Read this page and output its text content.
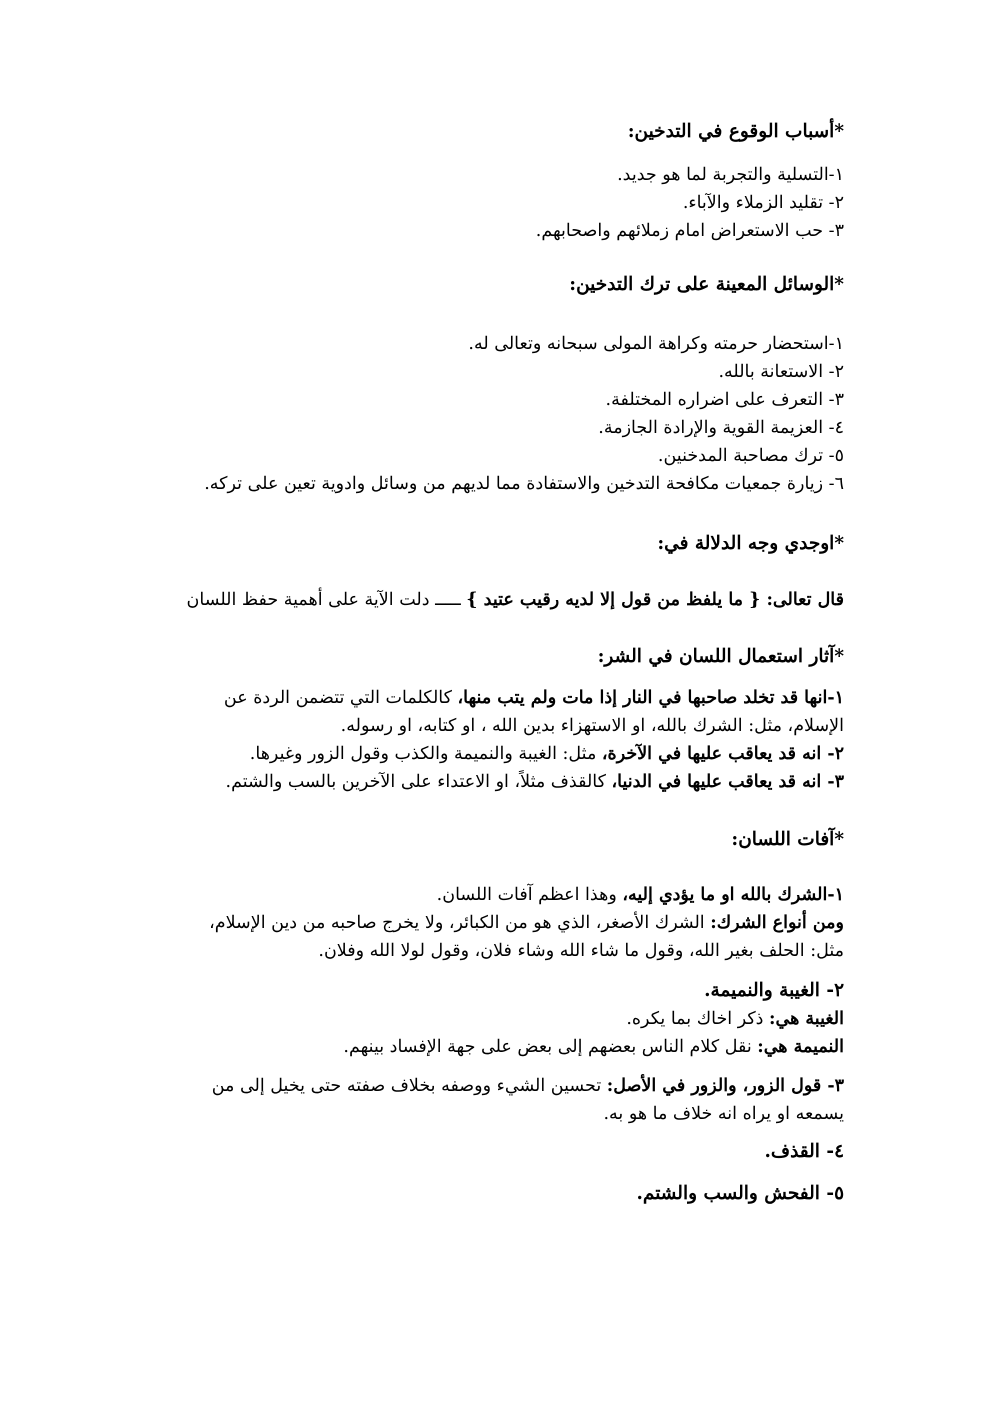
*أسباب الوقوع في التدخين:
١-التسلية والتجربة لما هو جديد.
٢- تقليد الزملاء والآباء.
٣- حب الاستعراض امام زملائهم واصحابهم.
*الوسائل المعينة على ترك التدخين:
١-استحضار حرمته وكراهة المولى سبحانه وتعالى له.
٢- الاستعانة بالله.
٣- التعرف على اضراره المختلفة.
٤- العزيمة القوية والإرادة الجازمة.
٥- ترك مصاحبة المدخنين.
٦- زيارة جمعيات مكافحة التدخين والاستفادة مما لديهم من وسائل وادوية تعين على تركه.
*اوجدي وجه الدلالة في:
قال تعالى: { ما يلفظ من قول إلا لديه رقيب عتيد } ـــــ دلت الآية على أهمية حفظ اللسان
*آثار استعمال اللسان في الشر:
١-انها قد تخلد صاحبها في النار إذا مات ولم يتب منها، كالكلمات التي تتضمن الردة عن
الإسلام، مثل: الشرك بالله، او الاستهزاء بدين الله ، او كتابه، او رسوله.
٢- انه قد يعاقب عليها في الآخرة، مثل: الغيبة والنميمة والكذب وقول الزور وغيرها.
٣- انه قد يعاقب عليها في الدنيا، كالقذف مثلاً، او الاعتداء على الآخرين بالسب والشتم.
*آفات اللسان:
١-الشرك بالله او ما يؤدي إليه، وهذا اعظم آفات اللسان.
ومن أنواع الشرك: الشرك الأصغر، الذي هو من الكبائر، ولا يخرج صاحبه من دين الإسلام،
مثل: الحلف بغير الله، وقول ما شاء الله وشاء فلان، وقول لولا الله وفلان.
٢- الغيبة والنميمة.
الغيبة هي: ذكر اخاك بما يكره.
النميمة هي: نقل كلام الناس بعضهم إلى بعض على جهة الإفساد بينهم.
٣- قول الزور، والزور في الأصل: تحسين الشيء ووصفه بخلاف صفته حتى يخيل إلى من
يسمعه او يراه انه خلاف ما هو به.
٤- القذف.
٥- الفحش والسب والشتم.
